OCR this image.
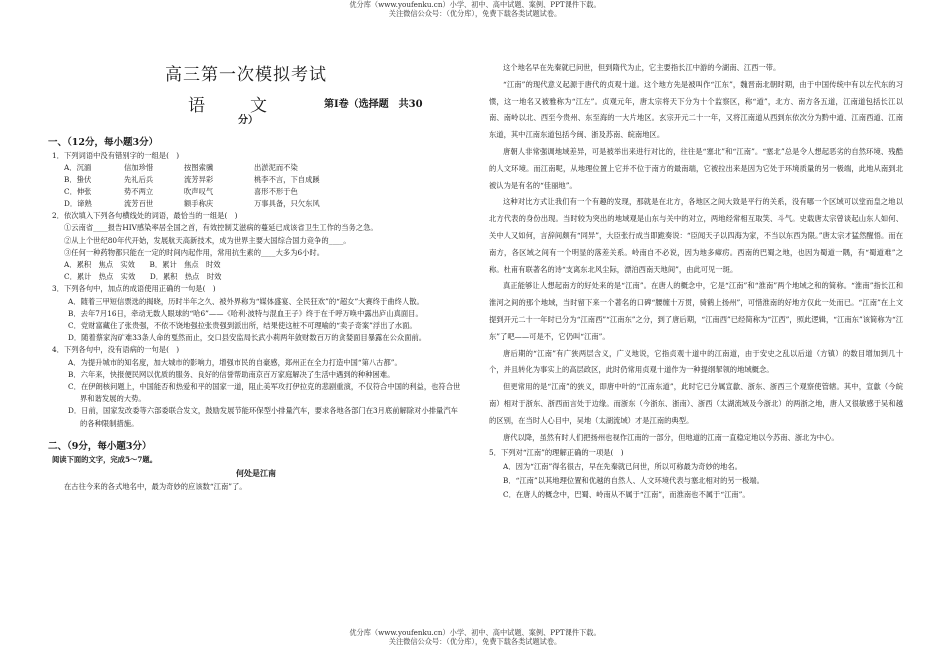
优分库（www.youfenku.cn）小学、初中、高中试题、案例、PPT课件下载。
关注微信公众号：（优分库），免费下载各类试题试卷。
高三第一次模拟考试
语　文	第Ⅰ卷（选择题　共30
分）
一、（12分，每小题3分）

1．下列词语中没有错别字的一组是(　)

A．沉湎	信加珍惜	按图索骥	出淤泥而不染
B．蛰伏	先礼后兵	流芳异彩	桃李不言，下自成蹊
C．伸张	势不两立	吹声叹气	喜形不形于色
D．谛熟	流芳百世	额手称庆	万事具备，只欠东风

2．依次填入下列各句横线处的词语，最恰当的一组是(　)

①云南省____报告HIV感染率居全国之首，有效控制艾滋病的蔓延已成该省卫生工作的当务之急。

②从上个世纪80年代开始，发展航天高新技术，成为世界主要大国综合国力竞争的____。

③任何一种药物都只能在一定的时间内起作用，常用抗生素的____大多为6小时。

A．累积　焦点　实效　　B．累计　焦点　时效

C．累计　热点　实效　　D．累积　热点　时效

3．下列各句中，加点的成语使用正确的一句是(　)

A．随着三甲短信票选的揭晓，历时半年之久、被外界称为“媒体盛宴、全民狂欢”的“超女”大赛终于曲终人散。

B．去年7月16日，牵动无数人眼球的“哈6”——《哈利·波特与混血王子》终于在千呼万唤中露出庐山真面目。

C．党财富藏住了张贵强，不依不饶地强拉张贵强到派出所，结果使这桩不可理喻的“卖子奇案”浮出了水面。

D．随着蔡家沟矿难33条人命的戛然而止，交口县安监局长武小莉两年敛财数百万的贪婪面目暴露在公众面前。

4．下列各句中，没有语病的一句是(　)

A．为提升城市的知名度，加大城市的影响力，增强市民的自豪感，郑州正在全力打造中国“第八古都”。

B．六年来，快报便民网以优质的服务、良好的信誉帮助南京百万家庭解决了生活中遇到的种种困难。

C．在伊朗核问题上，中国能否和热爱和平的国家一道，阻止美军攻打伊拉克的悲剧重演，不仅符合中国的利益，也符合世界和谐发展的大势。

D．日前，国家发改委等六部委联合发文，鼓励发展节能环保型小排量汽车，要求各地各部门在3月底前解除对小排量汽车的各种限制措施。

二、（9分，每小题3分）

阅读下面的文字，完成5～7题。

何处是江南

在古往今来的各式地名中，最为奇妙的应该数“江南”了。

这个地名早在先秦就已问世，但到隋代为止，它主要指长江中游的今湖南、江西一带。

“江南”的现代意义起源于唐代的贞观十道。这个地方先是被叫作“江东”，魏晋南北朝时期，由于中国传统中有以左代东的习惯，这一地名又被雅称为“江左”。贞观元年，唐太宗将天下分为十个监察区，称“道”，北方、南方各五道，江南道包括长江以南、南岭以北、西至今贵州、东至海的一大片地区。玄宗开元二十一年，又将江南道从西到东依次分为黔中道、江南西道、江南东道，其中江南东道包括今闽、浙及苏南、皖南地区。

唐朝人非常强调地域差异，可是被举出来进行对比的，往往是“塞北”和“江南”。“塞北”总是令人想起恶劣的自然环境、残酷的人文环境。而江南呢，从地理位置上它并不位于南方的最南端，它被拉出来是因为它处于环境质量的另一极端，此地从南到北被认为是有名的“佳丽地”。

这种对比方式让我们有一个有趣的发现，那就是在北方，各地区之间大致是平行的关系，没有哪一个区域可以堂而皇之地以北方代表的身份出现。当时较为突出的地域观是山东与关中的对立，两地经常相互取笑、斗气。史载唐太宗曾谈起山东人如何、关中人又如何，言辞间颇有“同异”，大臣张行成当即跪奏说：“臣闻天子以四海为家，不当以东西为限。”唐太宗才猛然醒悟。而在南方，各区域之间有一个明显的落差关系。岭南自不必说，因为地多瘴疠。西南的巴蜀之地，也因为蜀道一隅，有“蜀道难”之称。杜甫有联著名的诗“支离东北风尘际，漂泊西南天地间”，由此可见一斑。

真正能够让人想起南方的好处来的是“江南”。在唐人的概念中，它是“江南”和“淮南”两个地域之和的简称。“淮南”指长江和淮河之间的那个地域，当时留下来一个著名的口碑“腰缠十万贯，骑鹤上扬州”，可惜淮南的好地方仅此一处而已。“江南”在上文提到开元二十一年时已分为“江南西”“江南东”之分，到了唐后期，“江南西”已经简称为“江西”，照此逻辑，“江南东”该简称为“江东”了吧——可是不，它仍叫“江南”。

唐后期的“江南”有广狭两层含义，广义地说，它指贞观十道中的江南道，由于安史之乱以后道（方镇）的数目增加到几十个，并且转化为事实上的高层政区，此时仍常用贞观十道作为一种提纲挈领的地域概念。

但更常用的是“江南”的狭义，即唐中叶的“江南东道”，此时它已分属宣歙、浙东、浙西三个观察使管辖。其中，宣歙（今皖南）相对于浙东、浙西而言处于边缘。而浙东（今浙东、浙南）、浙西（太湖流域及今浙北）的两浙之地，唐人又很敏感于吴和越的区别，在当时人心目中，吴地（太湖流域）才是江南的典型。

唐代以降，虽然有时人们把扬州也视作江南的一部分，但地道的江南一直稳定地以今苏南、浙北为中心。

5．下列对“江南”的理解正确的一项是(　)

A．因为“江南”得名很古，早在先秦就已问世，所以可称最为奇妙的地名。

B．“江南”以其地理位置和优越的自然人、人文环境代表与塞北相对的另一极端。

C．在唐人的概念中，巴蜀、岭南从不属于“江南”，而淮南也不属于“江南”。

优分库（www.youfenku.cn）小学、初中、高中试题、案例、PPT课件下载。
关注微信公众号：（优分库），免费下载各类试题试卷。
